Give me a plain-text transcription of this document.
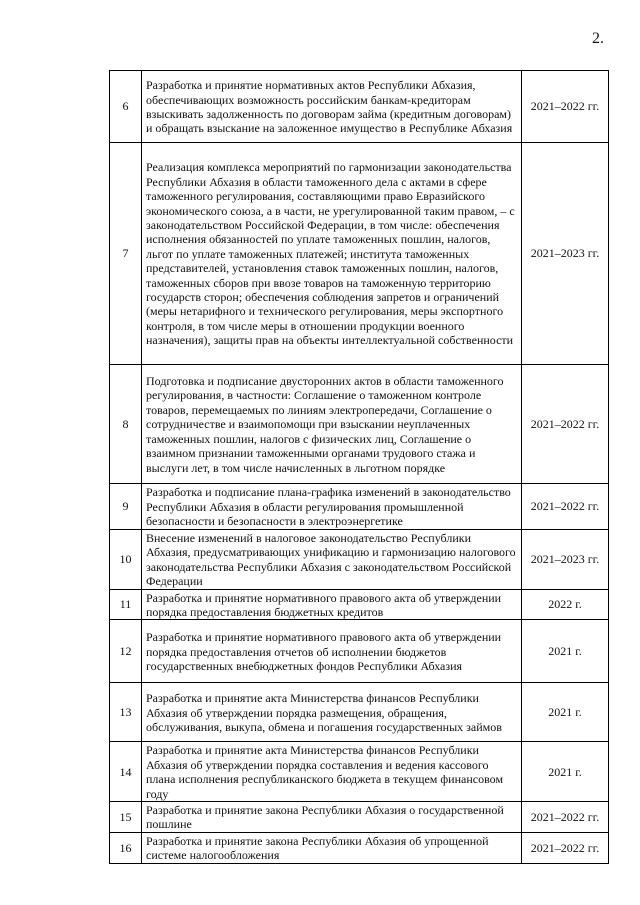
2.
6	Разработка и принятие нормативных актов Республики Абхазия, обеспечивающих возможность российским банкам-кредиторам взыскивать задолженность по договорам займа (кредитным договорам) и обращать взыскание на заложенное имущество в Республике Абхазия	2021–2022 гг.
7	Реализация комплекса мероприятий по гармонизации законодательства Республики Абхазия в области таможенного дела с актами в сфере таможенного регулирования, составляющими право Евразийского экономического союза, а в части, не урегулированной таким правом, – с законодательством Российской Федерации, в том числе: обеспечения исполнения обязанностей по уплате таможенных пошлин, налогов, льгот по уплате таможенных платежей; института таможенных представителей, установления ставок таможенных пошлин, налогов, таможенных сборов при ввозе товаров на таможенную территорию государств сторон; обеспечения соблюдения запретов и ограничений (меры нетарифного и технического регулирования, меры экспортного контроля, в том числе меры в отношении продукции военного назначения), защиты прав на объекты интеллектуальной собственности	2021–2023 гг.
8	Подготовка и подписание двусторонних актов в области таможенного регулирования, в частности: Соглашение о таможенном контроле товаров, перемещаемых по линиям электропередачи, Соглашение о сотрудничестве и взаимопомощи при взыскании неуплаченных таможенных пошлин, налогов с физических лиц, Соглашение о взаимном признании таможенными органами трудового стажа и выслуги лет, в том числе начисленных в льготном порядке	2021–2022 гг.
9	Разработка и подписание плана-графика изменений в законодательство Республики Абхазия в области регулирования промышленной безопасности и безопасности в электроэнергетике	2021–2022 гг.
10	Внесение изменений в налоговое законодательство Республики Абхазия, предусматривающих унификацию и гармонизацию налогового законодательства Республики Абхазия с законодательством Российской Федерации	2021–2023 гг.
11	Разработка и принятие нормативного правового акта об утверждении порядка предоставления бюджетных кредитов	2022 г.
12	Разработка и принятие нормативного правового акта об утверждении порядка предоставления отчетов об исполнении бюджетов государственных внебюджетных фондов Республики Абхазия	2021 г.
13	Разработка и принятие акта Министерства финансов Республики Абхазия об утверждении порядка размещения, обращения, обслуживания, выкупа, обмена и погашения государственных займов	2021 г.
14	Разработка и принятие акта Министерства финансов Республики Абхазия об утверждении порядка составления и ведения кассового плана исполнения республиканского бюджета в текущем финансовом году	2021 г.
15	Разработка и принятие закона Республики Абхазия о государственной пошлине	2021–2022 гг.
16	Разработка и принятие закона Республики Абхазия об упрощенной системе налогообложения	2021–2022 гг.
